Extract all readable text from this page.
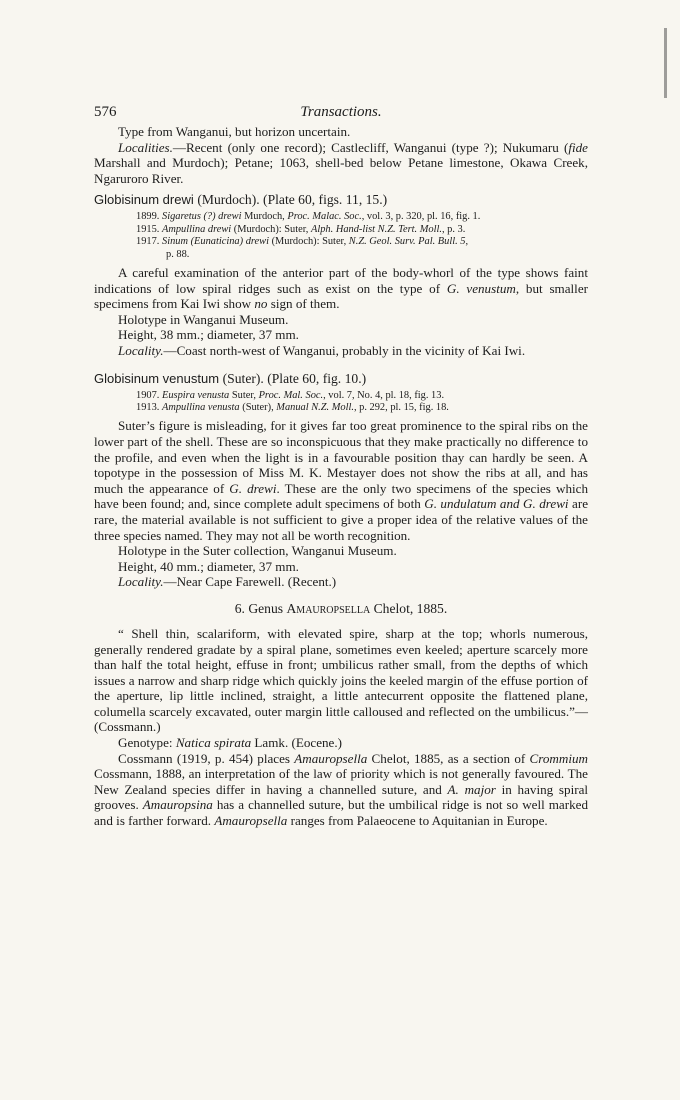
576	Transactions.

Type from Wanganui, but horizon uncertain.

Localities.—Recent (only one record); Castlecliff, Wanganui (type ?); Nukumaru (fide Marshall and Murdoch); Petane; 1063, shell-bed below Petane limestone, Okawa Creek, Ngaruroro River.

Globisinum drewi (Murdoch). (Plate 60, figs. 11, 15.)

1899. Sigaretus (?) drewi Murdoch, Proc. Malac. Soc., vol. 3, p. 320, pl. 16, fig. 1.
1915. Ampullina drewi (Murdoch): Suter, Alph. Hand-list N.Z. Tert. Moll., p. 3.
1917. Sinum (Eunaticina) drewi (Murdoch): Suter, N.Z. Geol. Surv. Pal. Bull. 5,
p. 88.

A careful examination of the anterior part of the body-whorl of the type shows faint indications of low spiral ridges such as exist on the type of G. venustum, but smaller specimens from Kai Iwi show no sign of them.

Holotype in Wanganui Museum.

Height, 38 mm.; diameter, 37 mm.

Locality.—Coast north-west of Wanganui, probably in the vicinity of Kai Iwi.

Globisinum venustum (Suter). (Plate 60, fig. 10.)

1907. Euspira venusta Suter, Proc. Mal. Soc., vol. 7, No. 4, pl. 18, fig. 13.
1913. Ampullina venusta (Suter), Manual N.Z. Moll., p. 292, pl. 15, fig. 18.

Suter’s figure is misleading, for it gives far too great prominence to the spiral ribs on the lower part of the shell. These are so inconspicuous that they make practically no difference to the profile, and even when the light is in a favourable position thay can hardly be seen. A topotype in the possession of Miss M. K. Mestayer does not show the ribs at all, and has much the appearance of G. drewi. These are the only two specimens of the species which have been found; and, since complete adult specimens of both G. undulatum and G. drewi are rare, the material available is not sufficient to give a proper idea of the relative values of the three species named. They may not all be worth recognition.

Holotype in the Suter collection, Wanganui Museum.

Height, 40 mm.; diameter, 37 mm.

Locality.—Near Cape Farewell. (Recent.)

6. Genus Amauropsella Chelot, 1885.

“ Shell thin, scalariform, with elevated spire, sharp at the top; whorls numerous, generally rendered gradate by a spiral plane, sometimes even keeled; aperture scarcely more than half the total height, effuse in front; umbilicus rather small, from the depths of which issues a narrow and sharp ridge which quickly joins the keeled margin of the effuse portion of the aperture, lip little inclined, straight, a little antecurrent opposite the flattened plane, columella scarcely excavated, outer margin little calloused and reflected on the umbilicus.”—(Cossmann.)

Genotype: Natica spirata Lamk. (Eocene.)

Cossmann (1919, p. 454) places Amauropsella Chelot, 1885, as a section of Crommium Cossmann, 1888, an interpretation of the law of priority which is not generally favoured. The New Zealand species differ in having a channelled suture, and A. major in having spiral grooves. Amauropsina has a channelled suture, but the umbilical ridge is not so well marked and is farther forward. Amauropsella ranges from Palaeocene to Aquitanian in Europe.
